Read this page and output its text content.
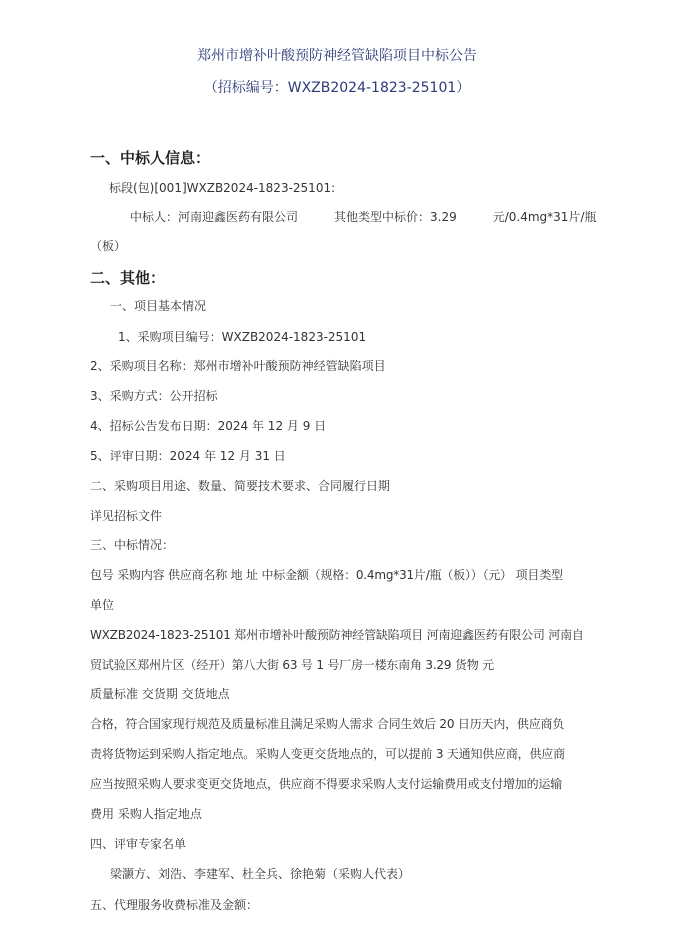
郑州市增补叶酸预防神经管缺陷项目中标公告
（招标编号：WXZB2024-1823-25101）
一、中标人信息：
标段(包)[001]WXZB2024-1823-25101:
中标人：河南迎鑫医药有限公司　　　其他类型中标价：3.29　　　元/0.4mg*31片/瓶
（板）
二、其他：
一、项目基本情况
1、采购项目编号：WXZB2024-1823-25101
2、采购项目名称：郑州市增补叶酸预防神经管缺陷项目
3、采购方式：公开招标
4、招标公告发布日期：2024 年 12 月 9 日
5、评审日期：2024 年 12 月 31 日
二、采购项目用途、数量、简要技术要求、合同履行日期
详见招标文件
三、中标情况：
包号 采购内容 供应商名称 地 址 中标金额（规格：0.4mg*31片/瓶（板））（元） 项目类型
单位
WXZB2024-1823-25101 郑州市增补叶酸预防神经管缺陷项目 河南迎鑫医药有限公司 河南自
贸试验区郑州片区（经开）第八大街 63 号 1 号厂房一楼东南角 3.29 货物 元
质量标准 交货期 交货地点
合格，符合国家现行规范及质量标准且满足采购人需求 合同生效后 20 日历天内，供应商负
责将货物运到采购人指定地点。采购人变更交货地点的，可以提前 3 天通知供应商，供应商
应当按照采购人要求变更交货地点，供应商不得要求采购人支付运输费用或支付增加的运输
费用 采购人指定地点
四、评审专家名单
梁灏方、刘浩、李建军、杜全兵、徐艳菊（采购人代表）
五、代理服务收费标准及金额：
